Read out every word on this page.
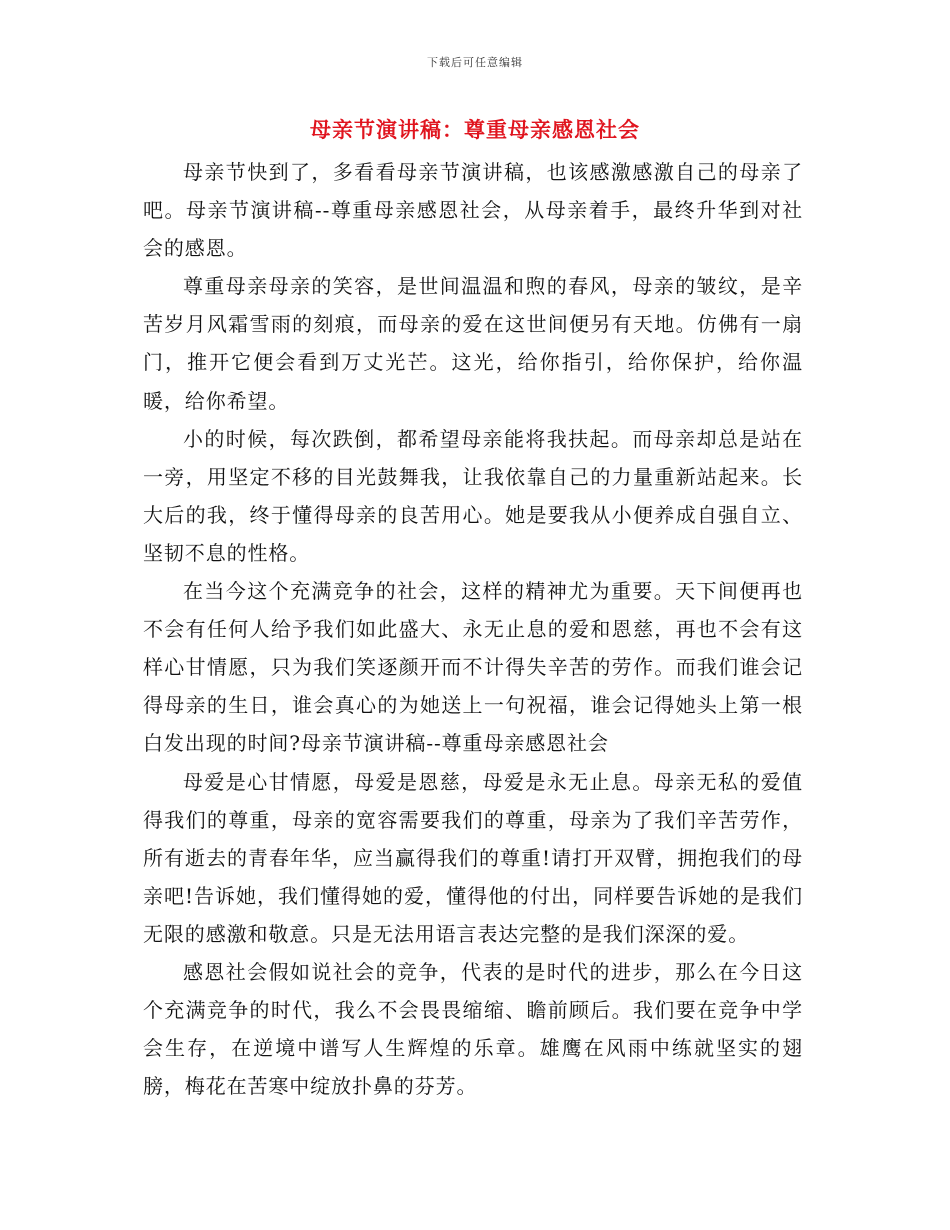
下载后可任意编辑
母亲节演讲稿：尊重母亲感恩社会

母亲节快到了，多看看母亲节演讲稿，也该感激感激自己的母亲了吧。母亲节演讲稿--尊重母亲感恩社会，从母亲着手，最终升华到对社会的感恩。

尊重母亲母亲的笑容，是世间温温和煦的春风，母亲的皱纹，是辛苦岁月风霜雪雨的刻痕，而母亲的爱在这世间便另有天地。仿佛有一扇门，推开它便会看到万丈光芒。这光，给你指引，给你保护，给你温暖，给你希望。

小的时候，每次跌倒，都希望母亲能将我扶起。而母亲却总是站在一旁，用坚定不移的目光鼓舞我，让我依靠自己的力量重新站起来。长大后的我，终于懂得母亲的良苦用心。她是要我从小便养成自强自立、坚韧不息的性格。

在当今这个充满竞争的社会，这样的精神尤为重要。天下间便再也不会有任何人给予我们如此盛大、永无止息的爱和恩慈，再也不会有这样心甘情愿，只为我们笑逐颜开而不计得失辛苦的劳作。而我们谁会记得母亲的生日，谁会真心的为她送上一句祝福，谁会记得她头上第一根白发出现的时间?母亲节演讲稿--尊重母亲感恩社会

母爱是心甘情愿，母爱是恩慈，母爱是永无止息。母亲无私的爱值得我们的尊重，母亲的宽容需要我们的尊重，母亲为了我们辛苦劳作，所有逝去的青春年华，应当赢得我们的尊重!请打开双臂，拥抱我们的母亲吧!告诉她，我们懂得她的爱，懂得他的付出，同样要告诉她的是我们无限的感激和敬意。只是无法用语言表达完整的是我们深深的爱。

感恩社会假如说社会的竞争，代表的是时代的进步，那么在今日这个充满竞争的时代，我么不会畏畏缩缩、瞻前顾后。我们要在竞争中学会生存，在逆境中谱写人生辉煌的乐章。雄鹰在风雨中练就坚实的翅膀，梅花在苦寒中绽放扑鼻的芬芳。
